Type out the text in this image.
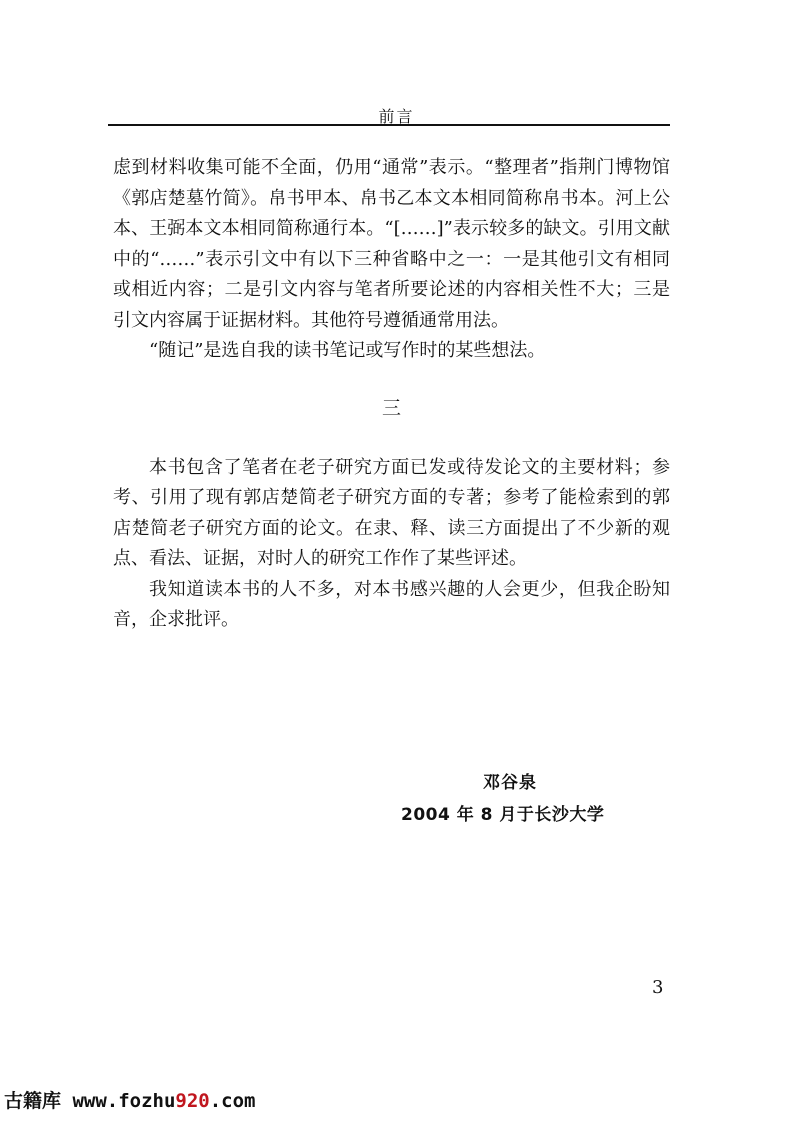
前言

虑到材料收集可能不全面，仍用“通常”表示。“整理者”指荆门博物馆《郭店楚墓竹简》。帛书甲本、帛书乙本文本相同简称帛书本。河上公本、王弼本文本相同简称通行本。“[……]”表示较多的缺文。引用文献中的“……”表示引文中有以下三种省略中之一：一是其他引文有相同或相近内容；二是引文内容与笔者所要论述的内容相关性不大；三是引文内容属于证据材料。其他符号遵循通常用法。

“随记”是选自我的读书笔记或写作时的某些想法。

三

本书包含了笔者在老子研究方面已发或待发论文的主要材料；参考、引用了现有郭店楚简老子研究方面的专著；参考了能检索到的郭店楚简老子研究方面的论文。在隶、释、读三方面提出了不少新的观点、看法、证据，对时人的研究工作作了某些评述。

我知道读本书的人不多，对本书感兴趣的人会更少，但我企盼知音，企求批评。

邓谷泉
2004 年 8 月于长沙大学
3
古籍库 www.fozhu920.com
